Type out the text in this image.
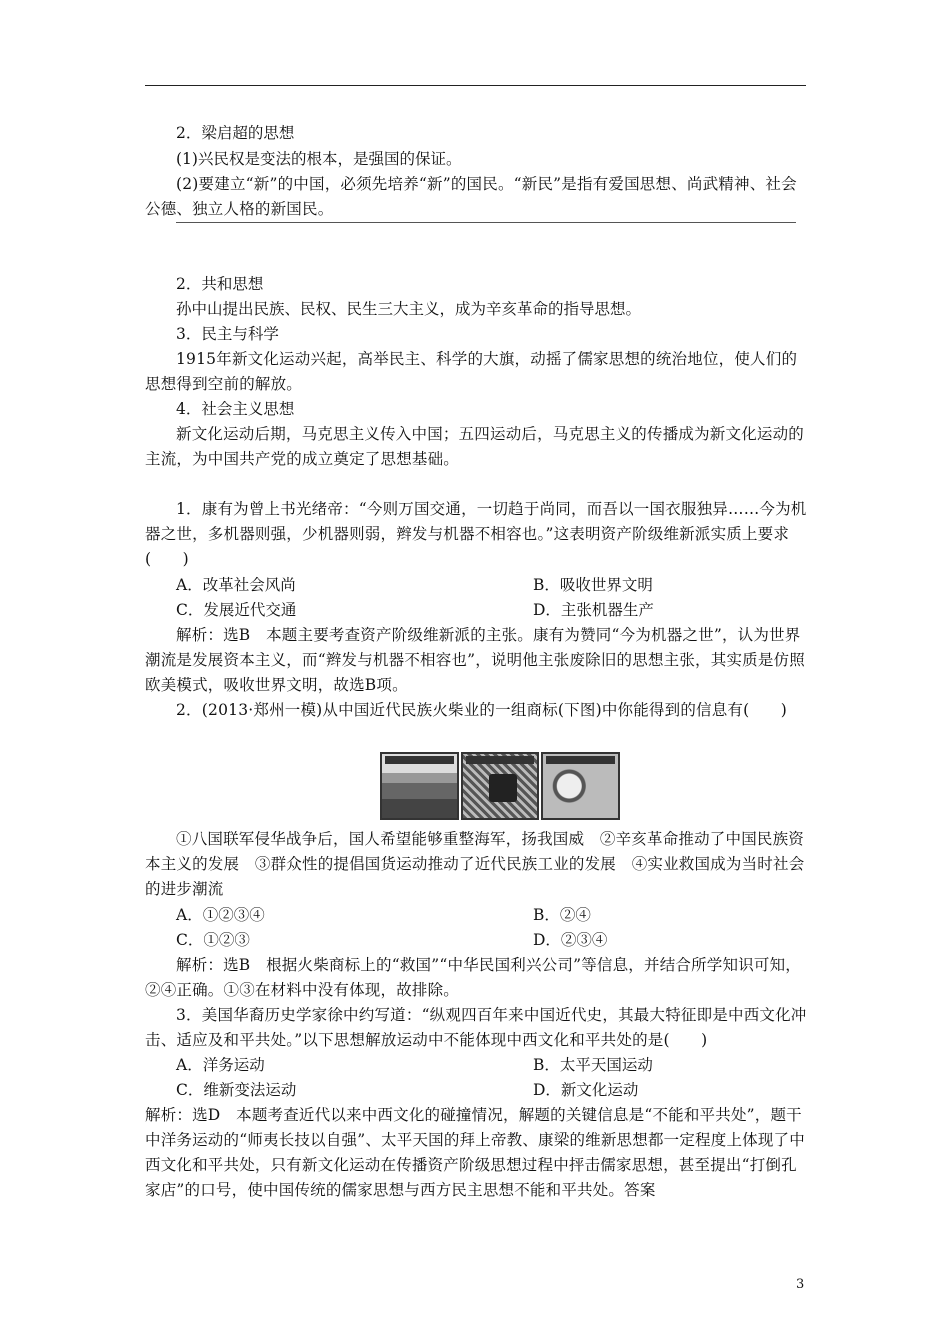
2．梁启超的思想
(1)兴民权是变法的根本，是强国的保证。
(2)要建立“新”的中国，必须先培养“新”的国民。“新民”是指有爱国思想、尚武精神、社会公德、独立人格的新国民。
2．共和思想
孙中山提出民族、民权、民生三大主义，成为辛亥革命的指导思想。
3．民主与科学
1915年新文化运动兴起，高举民主、科学的大旗，动摇了儒家思想的统治地位，使人们的思想得到空前的解放。
4．社会主义思想
新文化运动后期，马克思主义传入中国；五四运动后，马克思主义的传播成为新文化运动的主流，为中国共产党的成立奠定了思想基础。
1．康有为曾上书光绪帝：“今则万国交通，一切趋于尚同，而吾以一国衣服独异……今为机器之世，多机器则强，少机器则弱，辫发与机器不相容也。”这表明资产阶级维新派实质上要求(　　)
A．改革社会风尚	B．吸收世界文明
C．发展近代交通	D．主张机器生产
解析：选B　本题主要考查资产阶级维新派的主张。康有为赞同“今为机器之世”，认为世界潮流是发展资本主义，而“辫发与机器不相容也”，说明他主张废除旧的思想主张，其实质是仿照欧美模式，吸收世界文明，故选B项。
2．(2013·郑州一模)从中国近代民族火柴业的一组商标(下图)中你能得到的信息有(　　)
①八国联军侵华战争后，国人希望能够重整海军，扬我国威　②辛亥革命推动了中国民族资本主义的发展　③群众性的提倡国货运动推动了近代民族工业的发展　④实业救国成为当时社会的进步潮流
A．①②③④	B．②④
C．①②③	D．②③④
解析：选B　根据火柴商标上的“救国”“中华民国利兴公司”等信息，并结合所学知识可知，②④正确。①③在材料中没有体现，故排除。
3．美国华裔历史学家徐中约写道：“纵观四百年来中国近代史，其最大特征即是中西文化冲击、适应及和平共处。”以下思想解放运动中不能体现中西文化和平共处的是(　　)
A．洋务运动	B．太平天国运动
C．维新变法运动	D．新文化运动
解析：选D　本题考查近代以来中西文化的碰撞情况，解题的关键信息是“不能和平共处”，题干中洋务运动的“师夷长技以自强”、太平天国的拜上帝教、康梁的维新思想都一定程度上体现了中西文化和平共处，只有新文化运动在传播资产阶级思想过程中抨击儒家思想，甚至提出“打倒孔家店”的口号，使中国传统的儒家思想与西方民主思想不能和平共处。答案
3
